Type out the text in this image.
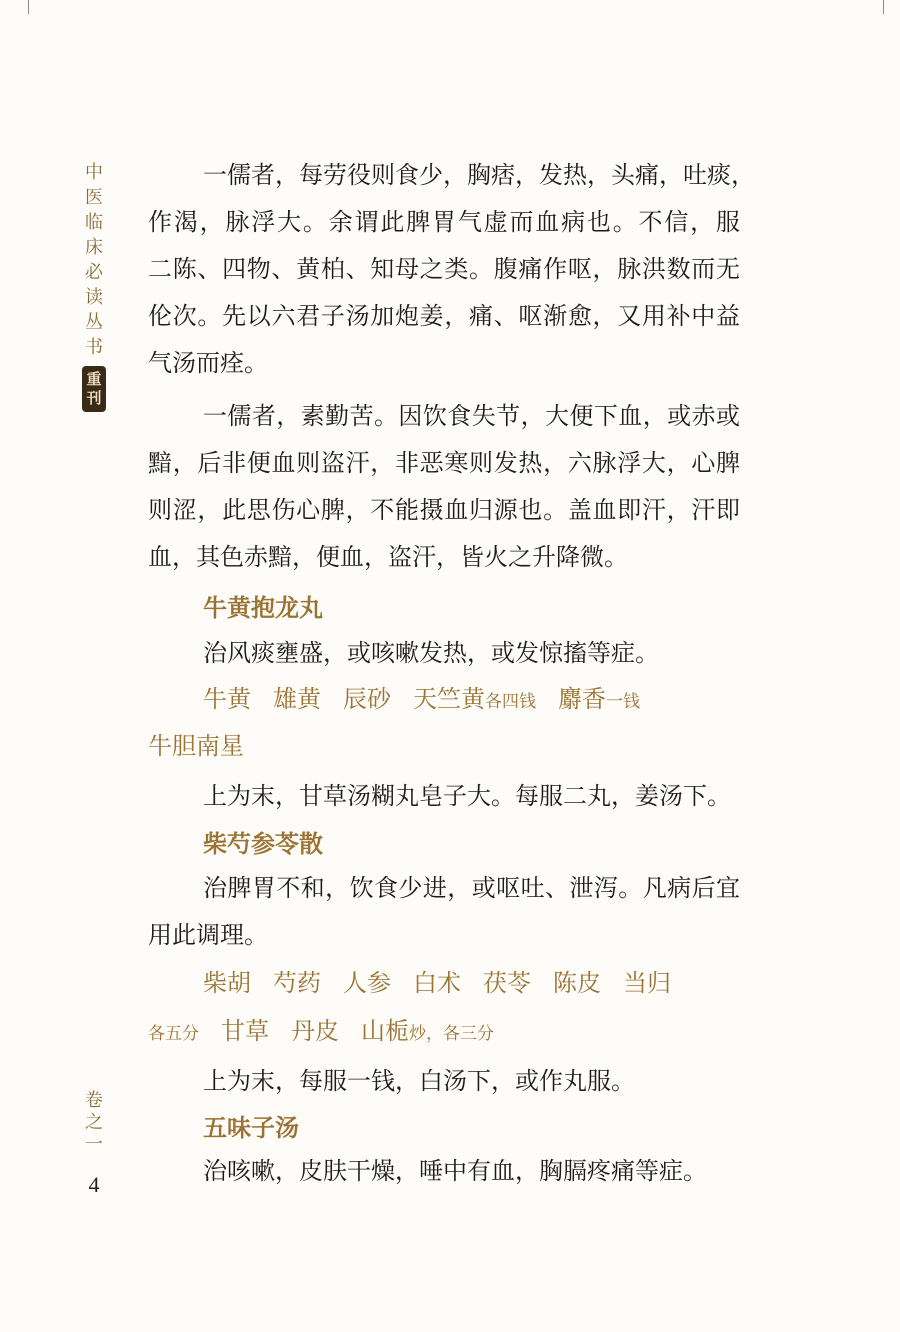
中
医
临
床
必
读
丛
书
重
刊
卷
之
一
4
一儒者，每劳役则食少，胸痞，发热，头痛，吐痰，
作渴，脉浮大。余谓此脾胃气虚而血病也。不信，服
二陈、四物、黄柏、知母之类。腹痛作呕，脉洪数而无
伦次。先以六君子汤加炮姜，痛、呕渐愈，又用补中益
气汤而痊。
一儒者，素勤苦。因饮食失节，大便下血，或赤或
黯，后非便血则盗汗，非恶寒则发热，六脉浮大，心脾
则涩，此思伤心脾，不能摄血归源也。盖血即汗，汗即
血，其色赤黯，便血，盗汗，皆火之升降微。
牛黄抱龙丸
治风痰壅盛，或咳嗽发热，或发惊搐等症。
牛黄 雄黄 辰砂 天竺黄各四钱 麝香一钱
牛胆南星
上为末，甘草汤糊丸皂子大。每服二丸，姜汤下。
柴芍参苓散
治脾胃不和，饮食少进，或呕吐、泄泻。凡病后宜
用此调理。
柴胡 芍药 人参 白术 茯苓 陈皮 当归
各五分 甘草 丹皮 山栀炒，各三分
上为末，每服一钱，白汤下，或作丸服。
五味子汤
治咳嗽，皮肤干燥，唾中有血，胸膈疼痛等症。
